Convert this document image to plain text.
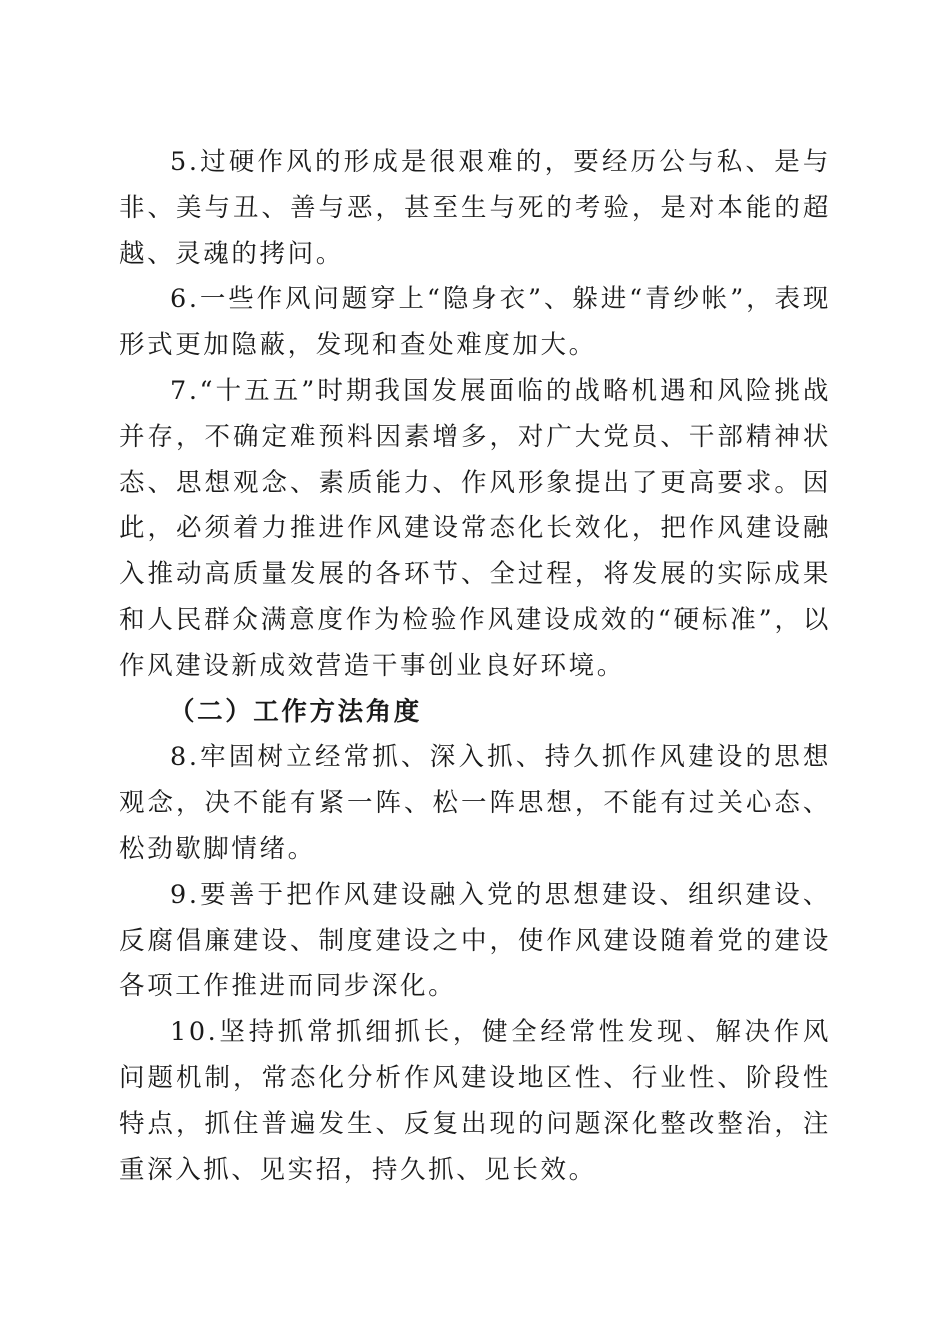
5.过硬作风的形成是很艰难的，要经历公与私、是与非、美与丑、善与恶，甚至生与死的考验，是对本能的超越、灵魂的拷问。

6.一些作风问题穿上“隐身衣”、躲进“青纱帐”，表现形式更加隐蔽，发现和查处难度加大。

7.“十五五”时期我国发展面临的战略机遇和风险挑战并存，不确定难预料因素增多，对广大党员、干部精神状态、思想观念、素质能力、作风形象提出了更高要求。因此，必须着力推进作风建设常态化长效化，把作风建设融入推动高质量发展的各环节、全过程，将发展的实际成果和人民群众满意度作为检验作风建设成效的“硬标准”，以作风建设新成效营造干事创业良好环境。

（二）工作方法角度

8.牢固树立经常抓、深入抓、持久抓作风建设的思想观念，决不能有紧一阵、松一阵思想，不能有过关心态、松劲歇脚情绪。

9.要善于把作风建设融入党的思想建设、组织建设、反腐倡廉建设、制度建设之中，使作风建设随着党的建设各项工作推进而同步深化。

10.坚持抓常抓细抓长，健全经常性发现、解决作风问题机制，常态化分析作风建设地区性、行业性、阶段性特点，抓住普遍发生、反复出现的问题深化整改整治，注重深入抓、见实招，持久抓、见长效。
